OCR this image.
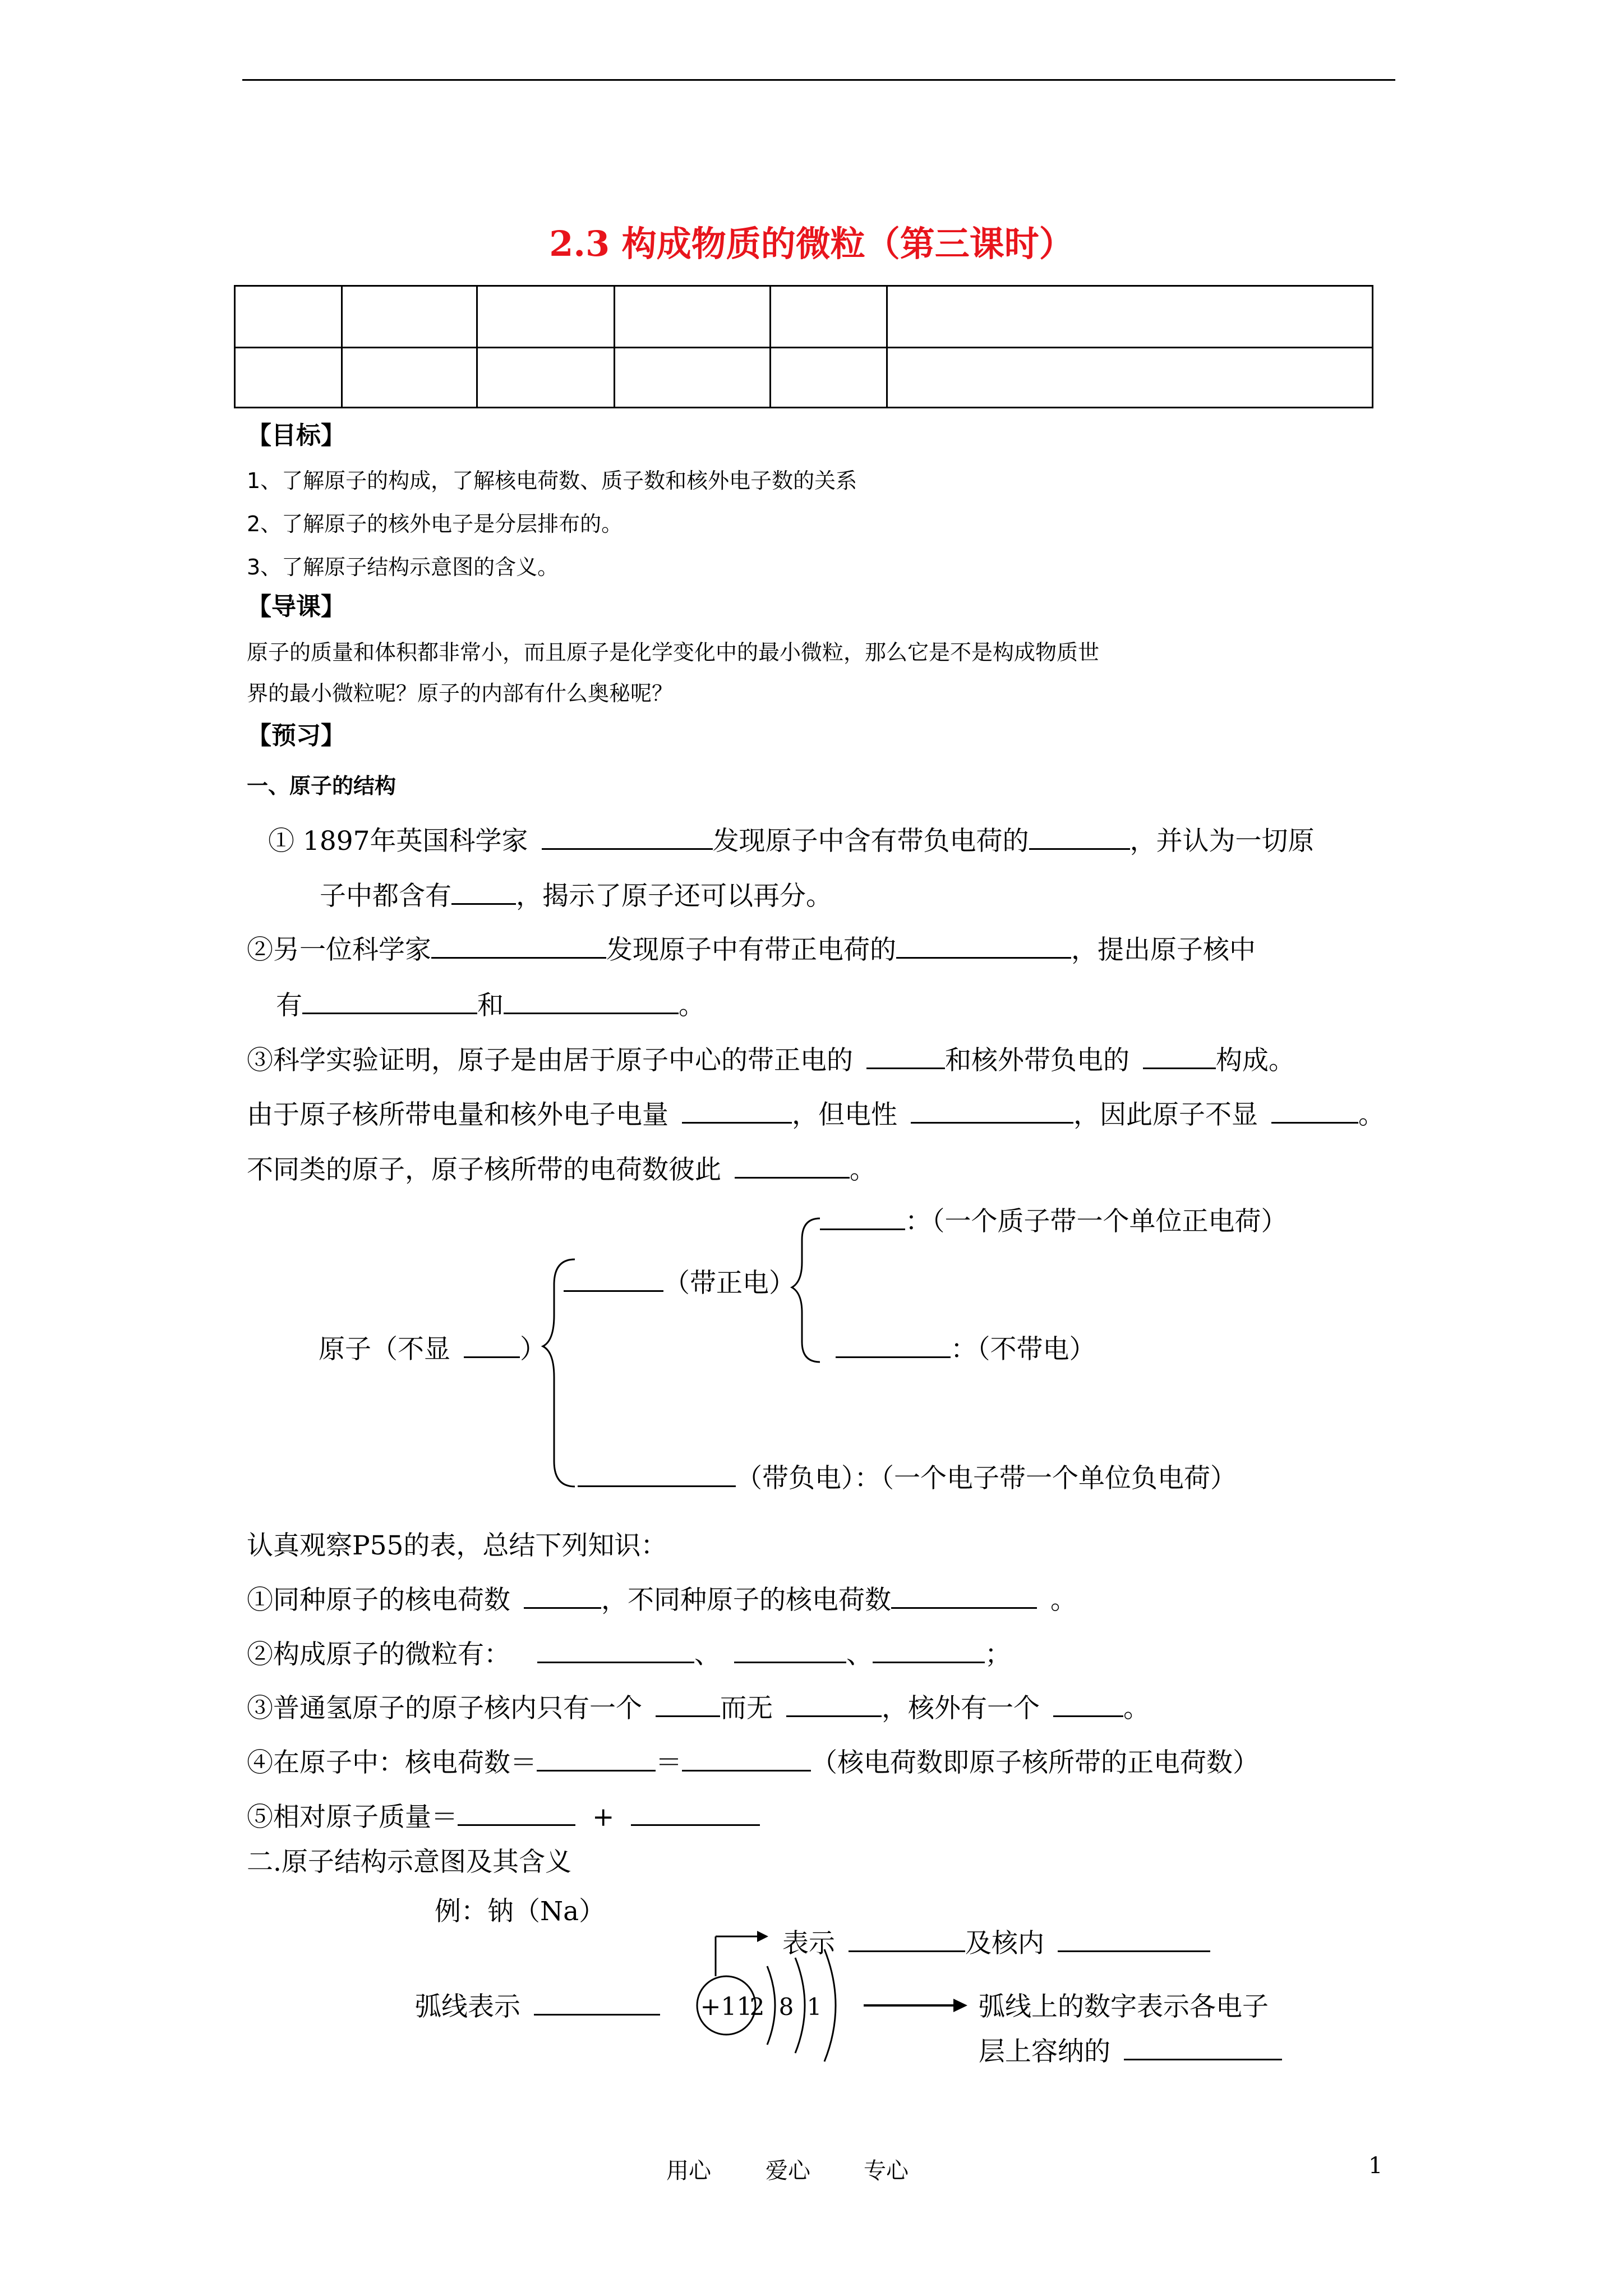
2.3 构成物质的微粒（第三课时）

【目标】
1、了解原子的构成，了解核电荷数、质子数和核外电子数的关系
2、了解原子的核外电子是分层排布的。
3、了解原子结构示意图的含义。
【导课】
原子的质量和体积都非常小，而且原子是化学变化中的最小微粒，那么它是不是构成物质世
界的最小微粒呢？原子的内部有什么奥秘呢？
【预习】
一、原子的结构
① 1897年英国科学家	发现原子中含有带负电荷的	，并认为一切原
子中都含有 ，揭示了原子还可以再分。
②另一位科学家	发现原子中有带正电荷的	，提出原子核中
有	和	。
③科学实验证明，原子是由居于原子中心的带正电的	和核外带负电的	构成。
由于原子核所带电量和核外电子电量	，但电性	，因此原子不显	。
不同类的原子，原子核所带的电荷数彼此	。
：（一个质子带一个单位正电荷）
（带正电）
原子（不显	）	：（不带电）
（带负电）：（一个电子带一个单位负电荷）
认真观察P55的表，总结下列知识：
①同种原子的核电荷数	，不同种原子的核电荷数	。
②构成原子的微粒有：	、	、	；
③普通氢原子的原子核内只有一个	而无	，核外有一个	。
④在原子中：核电荷数＝	＝	（核电荷数即原子核所带的正电荷数）
⑤相对原子质量＝	+
二.原子结构示意图及其含义
例：钠（Na）
表示	及核内
弧线表示	弧线上的数字表示各电子
层上容纳的
+11
2 8 1
用心 爱心 专心	1
